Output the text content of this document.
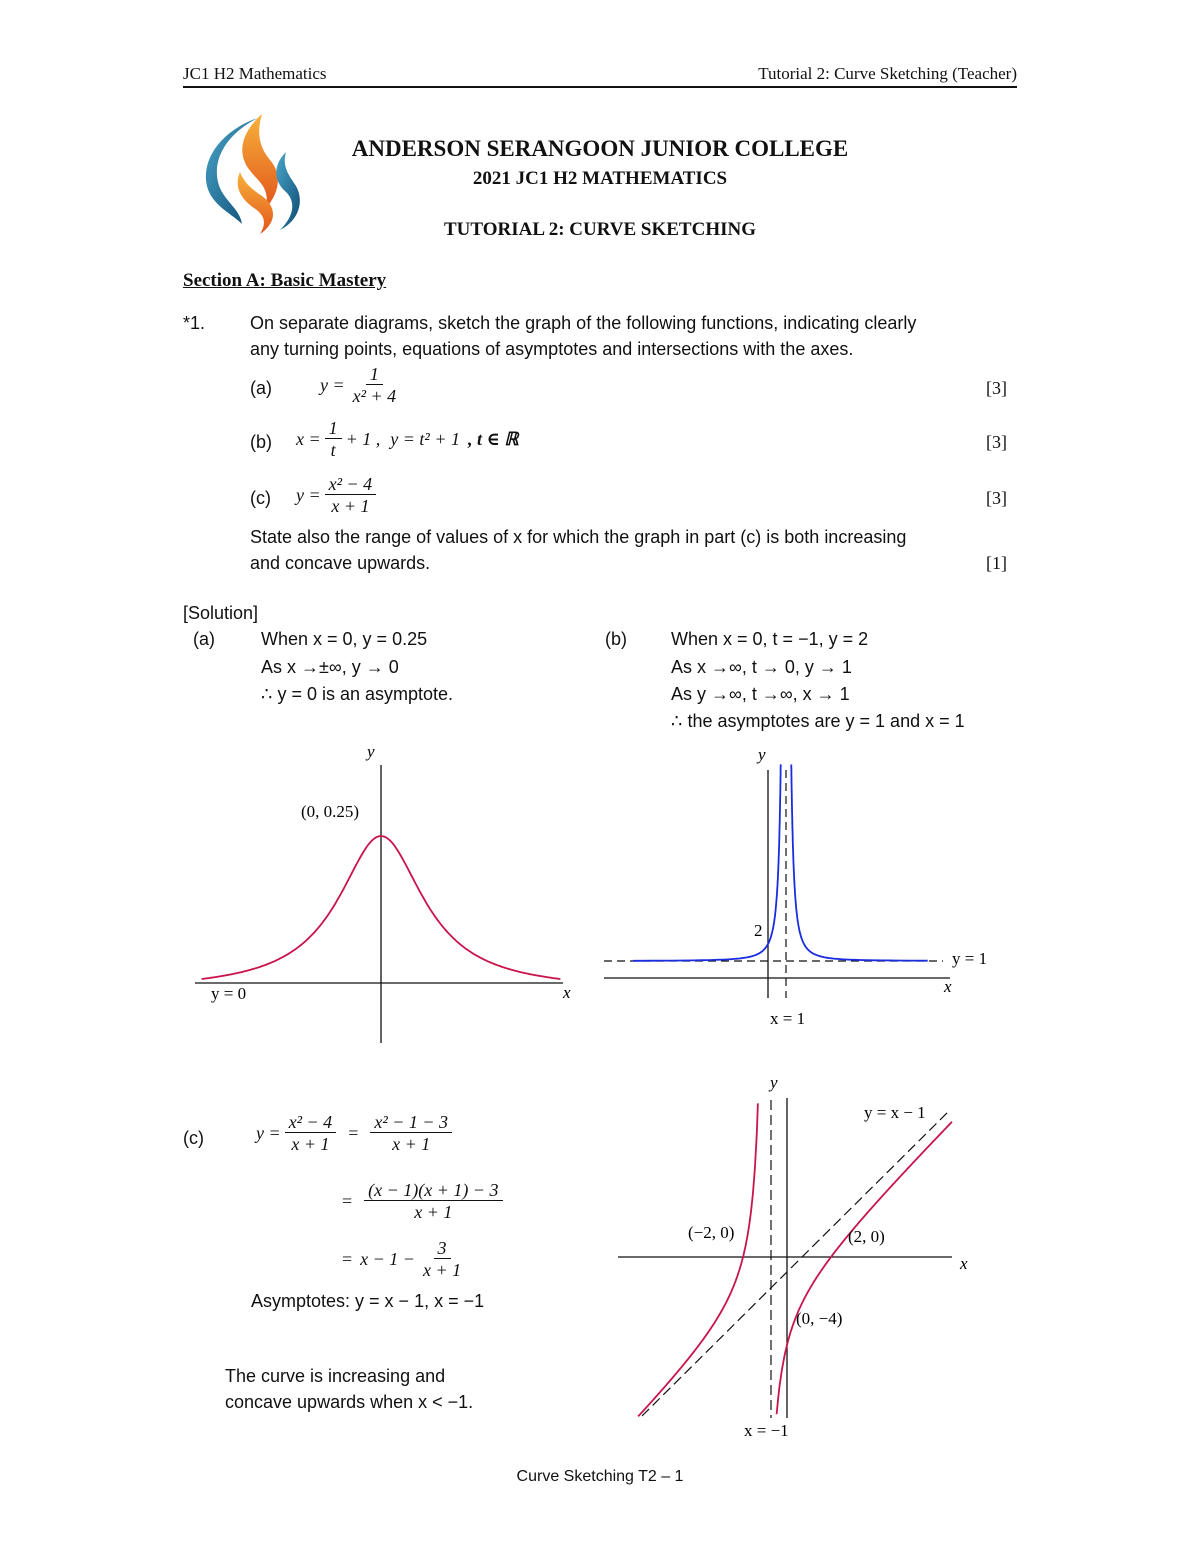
JC1 H2 Mathematics	Tutorial 2: Curve Sketching (Teacher)
ANDERSON SERANGOON JUNIOR COLLEGE
2021 JC1 H2 MATHEMATICS
TUTORIAL 2: CURVE SKETCHING
Section A: Basic Mastery
*1. On separate diagrams, sketch the graph of the following functions, indicating clearly
any turning points, equations of asymptotes and intersections with the axes.
(a)	$y = \frac{1}{\text{x² + 4}}$	[3]
(b) $x = \frac{1}{t} + 1$ , y = t² + 1 , t ∈ ℝ	[3]
(c) $y = \frac{\text{x² − 4}}{x + 1}$	[3]
State also the range of values of x for which the graph in part (c) is both increasing
and concave upwards.	[1]
[Solution]
(a)	When x = 0, y = 0.25
As x →±∞, y → 0
∴ y = 0 is an asymptote.
(b) When x = 0, t = −1, y = 2
As x →∞, t → 0, y → 1
As y →∞, t →∞, x → 1
∴ the asymptotes are y = 1 and x = 1
y
x
(0, 0.25)
y = 0
y
x
2
y = 1
x = 1
(c)	$y = \frac{\text{x² − 4}}{x + 1} = \frac{\text{x² − 1 − 3}}{x + 1}$
= $\frac{(x - 1)(x + 1) - 3}{x + 1}$
= $x - 1 - \frac{3}{x + 1}$
Asymptotes: y = x − 1, x = −1
The curve is increasing and
concave upwards when x < −1.
y
x
y = x − 1
(−2, 0)	(2, 0)
(0, −4)
x = −1
Curve Sketching T2 – 1
